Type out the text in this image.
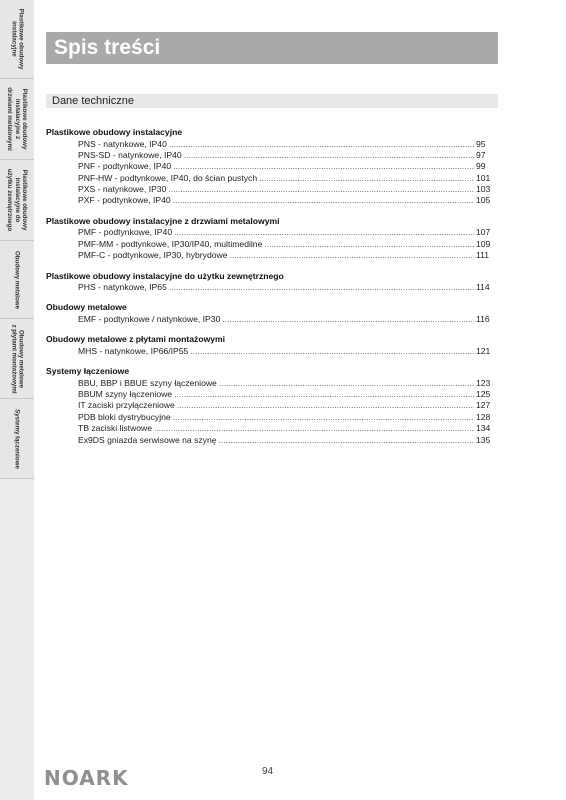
Plastikowe obudowy
instalacyjne
Plastikowe obudowy
instalacyjne z
drzwiami metalowymi
Plastikowe obudowy
instalacyjne do
użytku zewnętrznego
Obudowy metalowe
Obudowy metalowe
z płytami montażowymi
Systemy łączeniowe
Spis treści
Dane techniczne
Plastikowe obudowy instalacyjne
PNS - natynkowe, IP40 .....	95
PNS-SD - natynkowe, IP40 .....	97
PNF - podtynkowe, IP40 .....	99
PNF-HW - podtynkowe, IP40, do ścian pustych .....	101
PXS - natynkowe, IP30 .....	103
PXF - podtynkowe, IP40 .....	105
Plastikowe obudowy instalacyjne z drzwiami metalowymi
PMF - podtynkowe, IP40 .....	107
PMF-MM - podtynkowe, IP30/IP40, multimedilne .....	109
PMF-C - podtynkowe, IP30, hybrydowe .....	111
Plastikowe obudowy instalacyjne do użytku zewnętrznego
PHS - natynkowe, IP65 .....	114
Obudowy metalowe
EMF - podtynkowe / natynkowe, IP30 .....	116
Obudowy metalowe z płytami montażowymi
MHS - natynkowe, IP66/IP55 .....	121
Systemy łączeniowe
BBU, BBP i BBUE szyny łączeniowe .....	123
BBUM szyny łączeniowe .....	125
IT zaciski przyłączeniowe .....	127
PDB bloki dystrybucyjne .....	128
TB zaciski listwowe .....	134
Ex9DS gniazda serwisowe na szynę .....	135
NOARK	94
